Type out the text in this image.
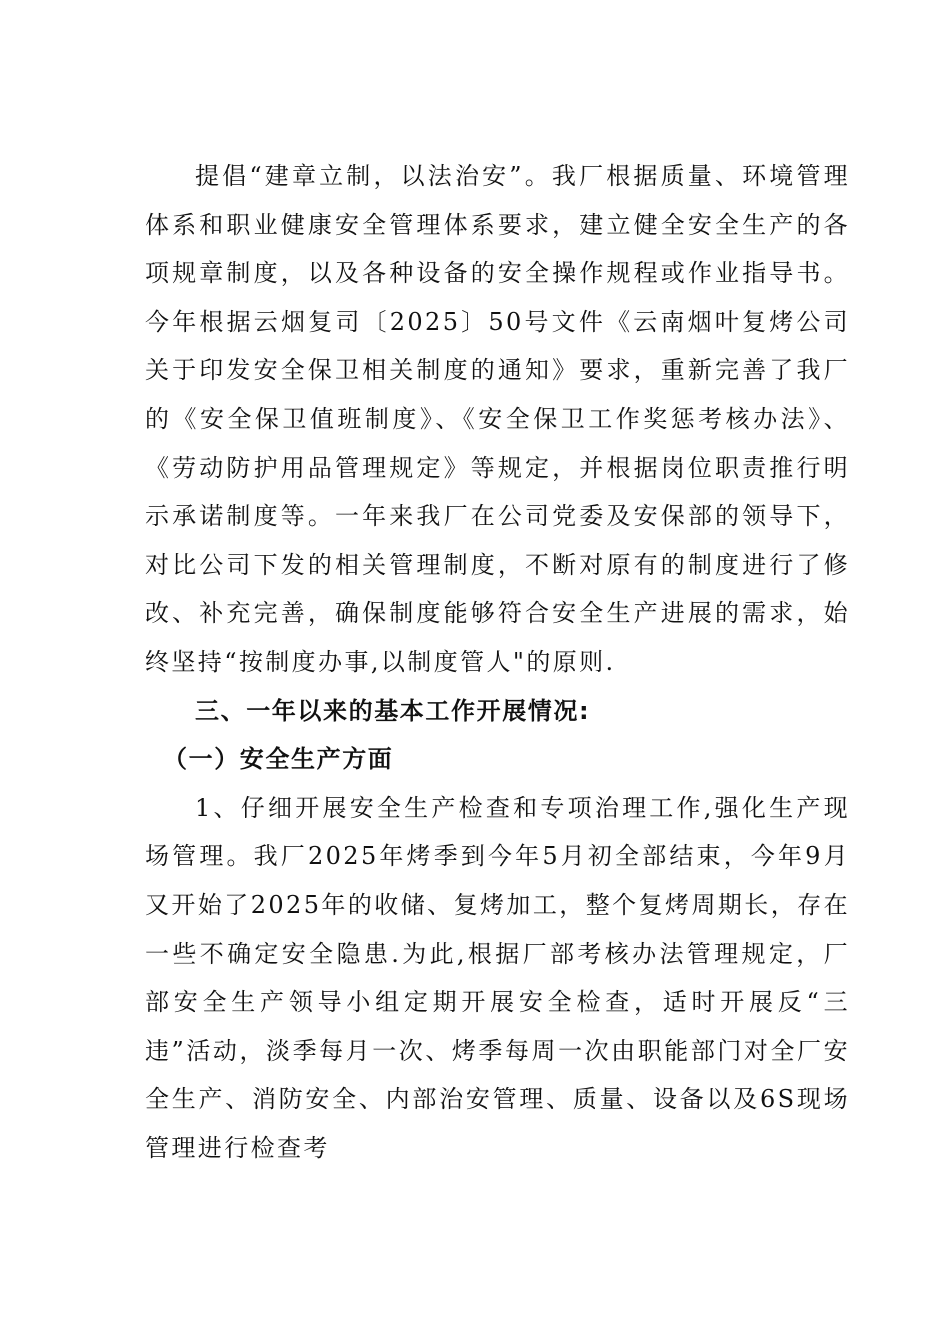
提倡“建章立制，以法治安”。我厂根据质量、环境管理体系和职业健康安全管理体系要求，建立健全安全生产的各项规章制度，以及各种设备的安全操作规程或作业指导书。今年根据云烟复司〔2025〕50号文件《云南烟叶复烤公司关于印发安全保卫相关制度的通知》要求，重新完善了我厂的《安全保卫值班制度》、《安全保卫工作奖惩考核办法》、《劳动防护用品管理规定》等规定，并根据岗位职责推行明示承诺制度等。一年来我厂在公司党委及安保部的领导下，对比公司下发的相关管理制度，不断对原有的制度进行了修改、补充完善，确保制度能够符合安全生产进展的需求，始终坚持“按制度办事,以制度管人"的原则.

三、一年以来的基本工作开展情况:

（一）安全生产方面

1、仔细开展安全生产检查和专项治理工作,强化生产现场管理。我厂2025年烤季到今年5月初全部结束，今年9月又开始了2025年的收储、复烤加工，整个复烤周期长，存在一些不确定安全隐患.为此,根据厂部考核办法管理规定，厂部安全生产领导小组定期开展安全检查，适时开展反“三违”活动，淡季每月一次、烤季每周一次由职能部门对全厂安全生产、消防安全、内部治安管理、质量、设备以及6S现场管理进行检查考
